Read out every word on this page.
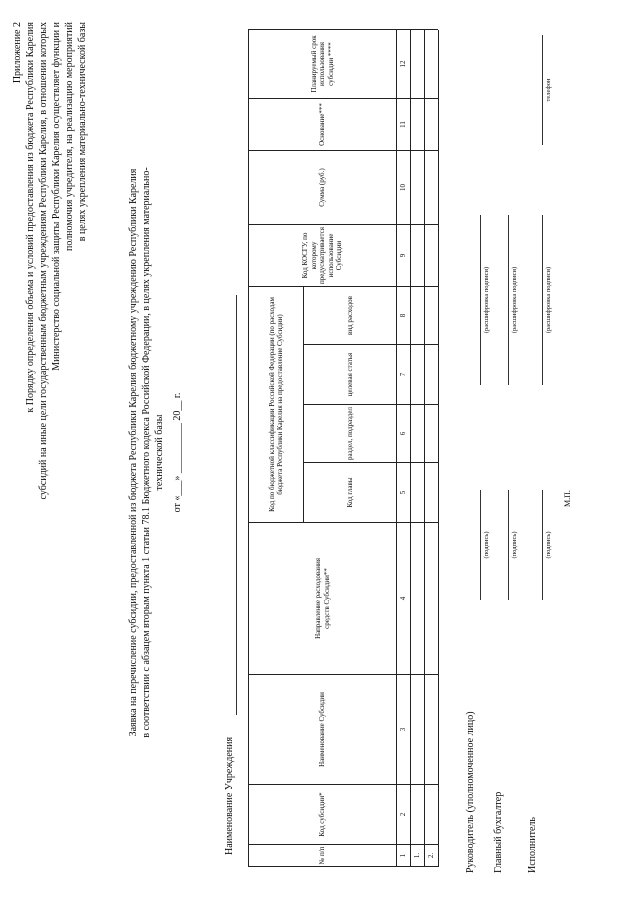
Приложение 2 к Порядку определения объема и условий предоставления из бюджета Республики Карелия субсидий на иные цели государственным бюджетным учреждениям Республики Карелия, в отношении которых Министерство социальной защиты Республики Карелия осуществляет функции и полномочия учредителя, на реализацию мероприятий в целях укрепления материально-технической базы
Заявка на перечисление субсидии, предоставленной из бюджета Республики Карелия бюджетному учреждению Республики Карелия в соответствии с абзацем вторым пункта 1 статьи 78.1 Бюджетного кодекса Российской Федерации, в целях укрепления материально- технической базы от «___» __________ 20__ г.
Наименование Учреждения
№ п/п
Код субсидии*
Наименование Субсидии
Направление расходования средств Субсидии**
Код по бюджетной классификации Российской Федерации (по расходам бюджета Республики Карелия на предоставление Субсидии)	Код главы
раздел, подраздел
целевая статья
вид расходов
Код КОСГУ, по которому предусматривается использование Субсидии
Сумма (руб.)
Основание***
Планируемый срок использования субсидии ****
1
2
3
4
5
6
7
8
9
10
11
12
1. 2.	Руководитель (уполномоченное лицо)
(подпись)
(расшифровка подписи)
Главный бухгалтер
(подпись)
(расшифровка подписи)
Исполнитель
(подпись)
(расшифровка подписи)
телефон
М.П.
